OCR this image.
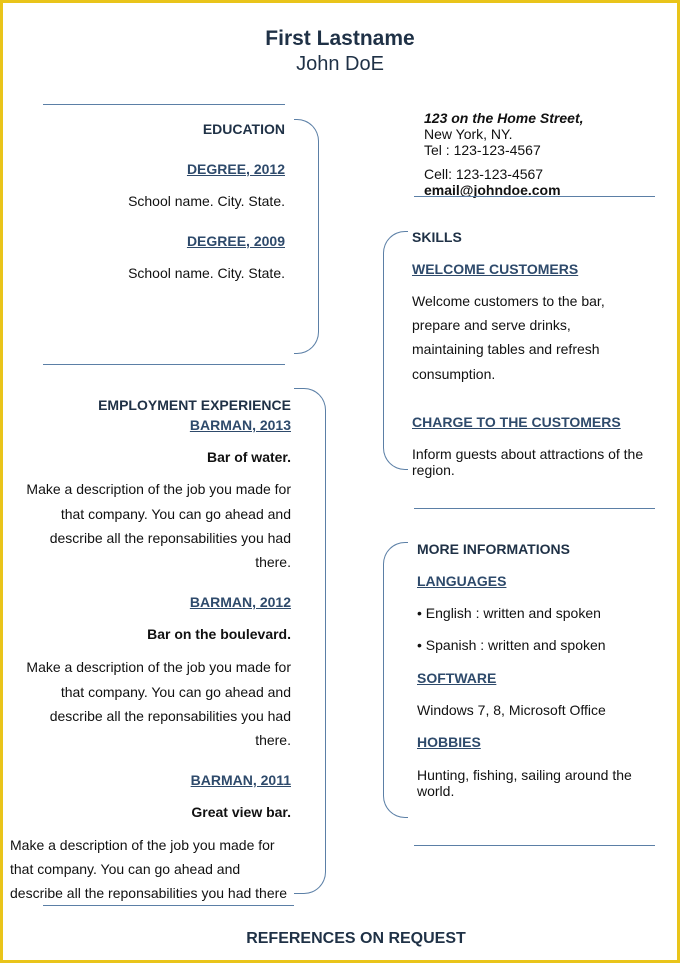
First Lastname
John DoE
EDUCATION
DEGREE, 2012
School name. City. State.
DEGREE, 2009
School name. City. State.
123 on the Home Street,
New York, NY.
Tel : 123-123-4567
Cell: 123-123-4567
email@johndoe.com
SKILLS
WELCOME CUSTOMERS
Welcome customers to the bar,
prepare and serve drinks,
maintaining tables and refresh
consumption.
CHARGE TO THE CUSTOMERS
Inform guests about attractions of the
region.
EMPLOYMENT EXPERIENCE
BARMAN, 2013
Bar of water.
Make a description of the job you made for
that company. You can go ahead and
describe all the reponsabilities you had
there.
BARMAN, 2012
Bar on the boulevard.
Make a description of the job you made for
that company. You can go ahead and
describe all the reponsabilities you had
there.
BARMAN, 2011
Great view bar.
Make a description of the job you made for
that company. You can go ahead and
describe all the reponsabilities you had there
MORE INFORMATIONS
LANGUAGES
• English : written and spoken
• Spanish : written and spoken
SOFTWARE
Windows 7, 8, Microsoft Office
HOBBIES
Hunting, fishing, sailing around the
world.
REFERENCES ON REQUEST
